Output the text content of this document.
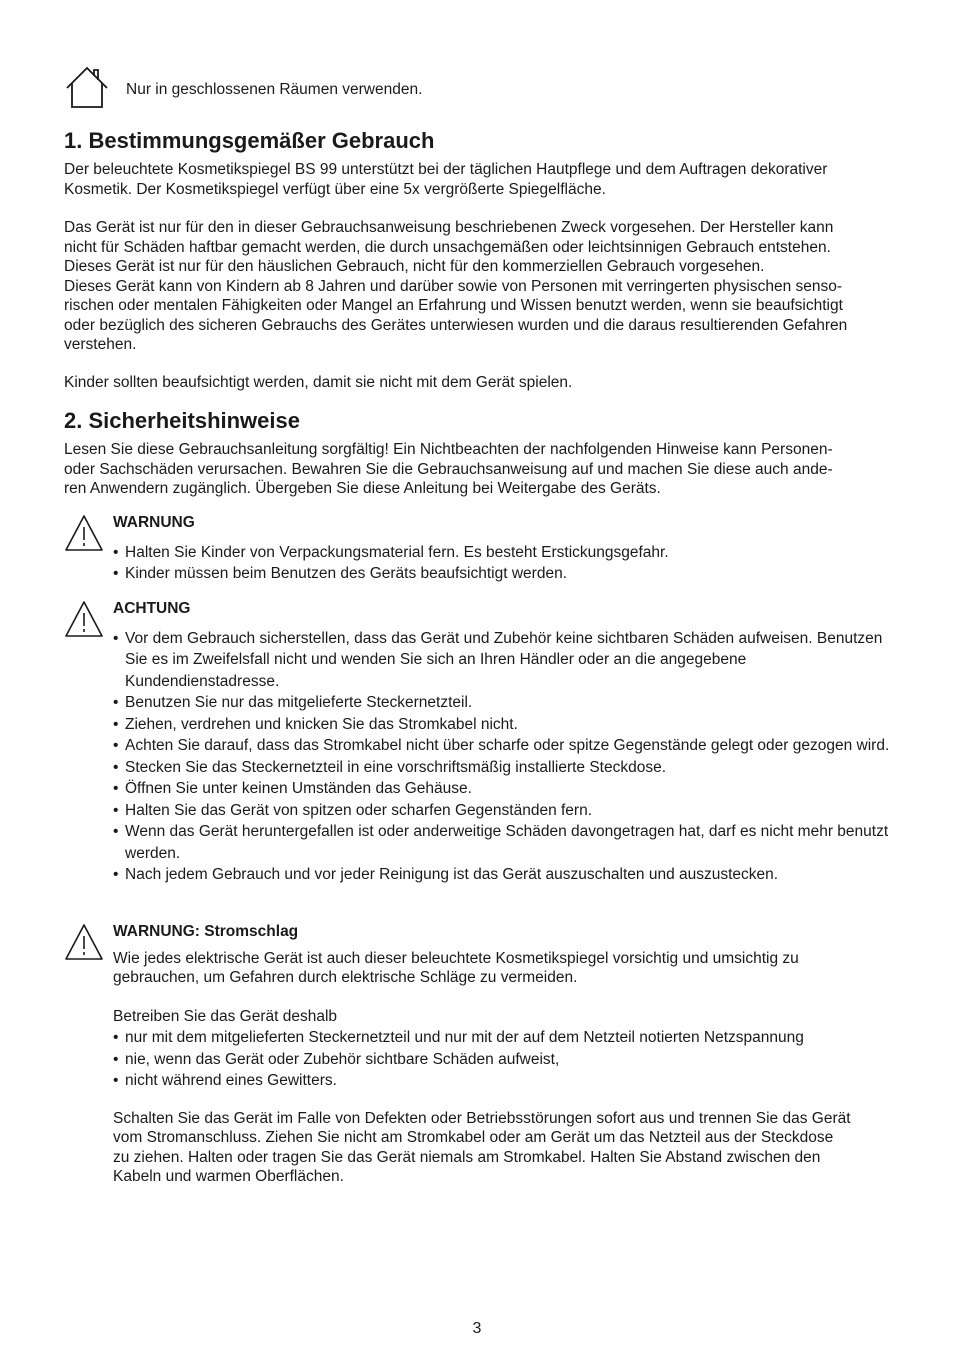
Nur in geschlossenen Räumen verwenden.
1. Bestimmungsgemäßer Gebrauch
Der beleuchtete Kosmetikspiegel BS 99 unterstützt bei der täglichen Hautpflege und dem Auftragen dekorativer
Kosmetik. Der Kosmetikspiegel verfügt über eine 5x vergrößerte Spiegelfläche.
Das Gerät ist nur für den in dieser Gebrauchsanweisung beschriebenen Zweck vorgesehen. Der Hersteller kann
nicht für Schäden haftbar gemacht werden, die durch unsachgemäßen oder leichtsinnigen Gebrauch entstehen.
Dieses Gerät ist nur für den häuslichen Gebrauch, nicht für den kommerziellen Gebrauch vorgesehen.
Dieses Gerät kann von Kindern ab 8 Jahren und darüber sowie von Personen mit verringerten physischen senso-
rischen oder mentalen Fähigkeiten oder Mangel an Erfahrung und Wissen benutzt werden, wenn sie beaufsichtigt
oder bezüglich des sicheren Gebrauchs des Gerätes unterwiesen wurden und die daraus resultierenden Gefahren
verstehen.
Kinder sollten beaufsichtigt werden, damit sie nicht mit dem Gerät spielen.
2. Sicherheitshinweise
Lesen Sie diese Gebrauchsanleitung sorgfältig! Ein Nichtbeachten der nachfolgenden Hinweise kann Personen-
oder Sachschäden verursachen. Bewahren Sie die Gebrauchsanweisung auf und machen Sie diese auch ande-
ren Anwendern zugänglich. Übergeben Sie diese Anleitung bei Weitergabe des Geräts.
WARNUNG
• Halten Sie Kinder von Verpackungsmaterial fern. Es besteht Erstickungsgefahr.
• Kinder müssen beim Benutzen des Geräts beaufsichtigt werden.
ACHTUNG
• Vor dem Gebrauch sicherstellen, dass das Gerät und Zubehör keine sichtbaren Schäden aufweisen. Benutzen Sie es im Zweifelsfall nicht und wenden Sie sich an Ihren Händler oder an die angegebene Kundendienstadresse.
• Benutzen Sie nur das mitgelieferte Steckernetzteil.
• Ziehen, verdrehen und knicken Sie das Stromkabel nicht.
• Achten Sie darauf, dass das Stromkabel nicht über scharfe oder spitze Gegenstände gelegt oder gezogen wird.
• Stecken Sie das Steckernetzteil in eine vorschriftsmäßig installierte Steckdose.
• Öffnen Sie unter keinen Umständen das Gehäuse.
• Halten Sie das Gerät von spitzen oder scharfen Gegenständen fern.
• Wenn das Gerät heruntergefallen ist oder anderweitige Schäden davongetragen hat, darf es nicht mehr benutzt werden.
• Nach jedem Gebrauch und vor jeder Reinigung ist das Gerät auszuschalten und auszustecken.
WARNUNG: Stromschlag
Wie jedes elektrische Gerät ist auch dieser beleuchtete Kosmetikspiegel vorsichtig und umsichtig zu
gebrauchen, um Gefahren durch elektrische Schläge zu vermeiden.
Betreiben Sie das Gerät deshalb
• nur mit dem mitgelieferten Steckernetzteil und nur mit der auf dem Netzteil notierten Netzspannung
• nie, wenn das Gerät oder Zubehör sichtbare Schäden aufweist,
• nicht während eines Gewitters.
Schalten Sie das Gerät im Falle von Defekten oder Betriebsstörungen sofort aus und trennen Sie das Gerät
vom Stromanschluss. Ziehen Sie nicht am Stromkabel oder am Gerät um das Netzteil aus der Steckdose
zu ziehen. Halten oder tragen Sie das Gerät niemals am Stromkabel. Halten Sie Abstand zwischen den
Kabeln und warmen Oberflächen.
3
